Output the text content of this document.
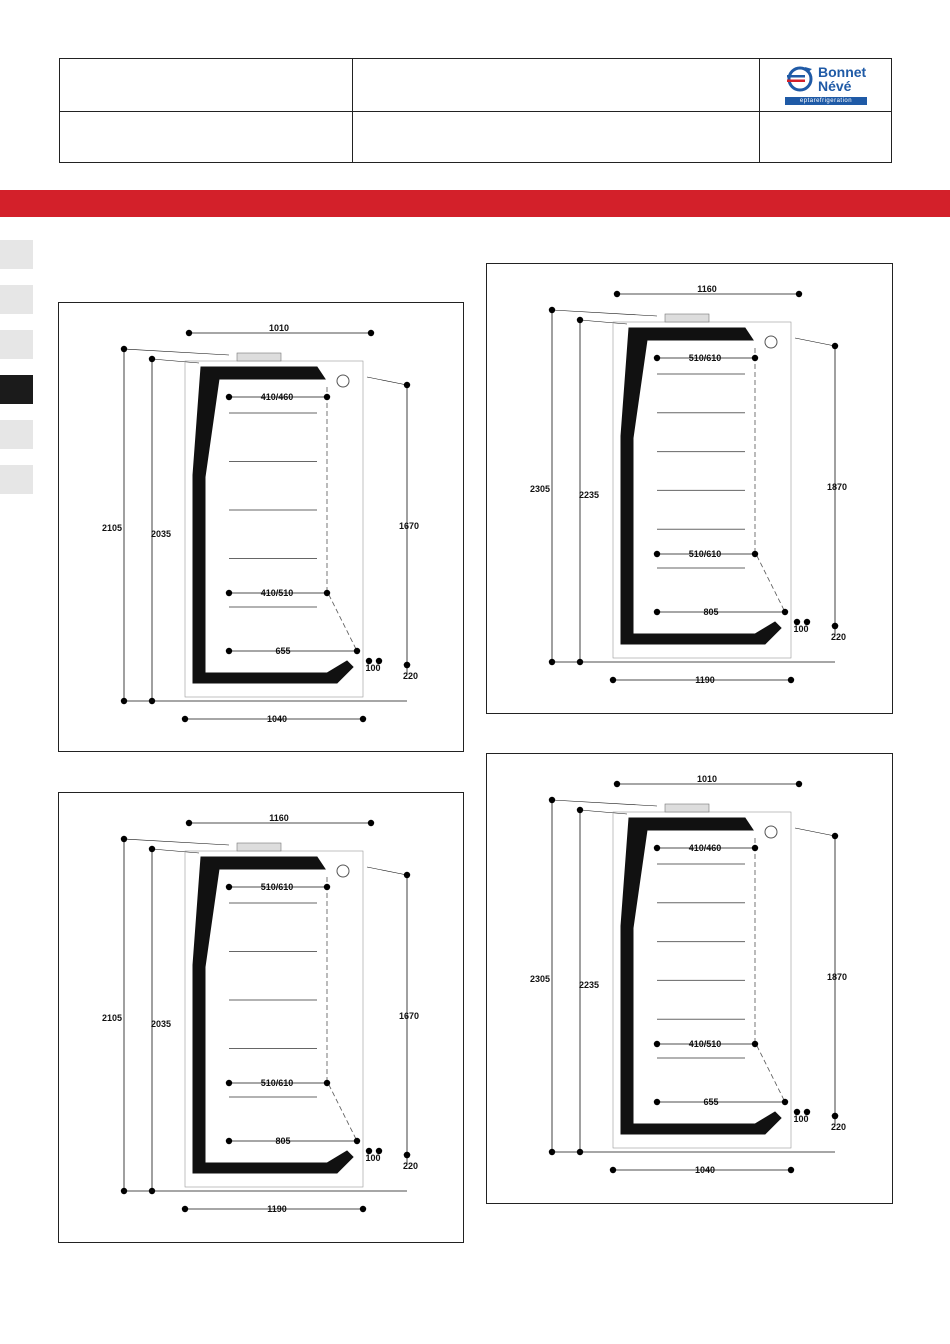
Bonnet
Névé
eptarefrigeration
1010
2105
2035
1670
410/460
410/510
655
100
220
1040
1160
2305
2235
1870
510/610
510/610
805
100
220
1190
1160
2105
2035
1670
510/610
510/610
805
100
220
1190
1010
2305
2235
1870
410/460
410/510
655
100
220
1040
